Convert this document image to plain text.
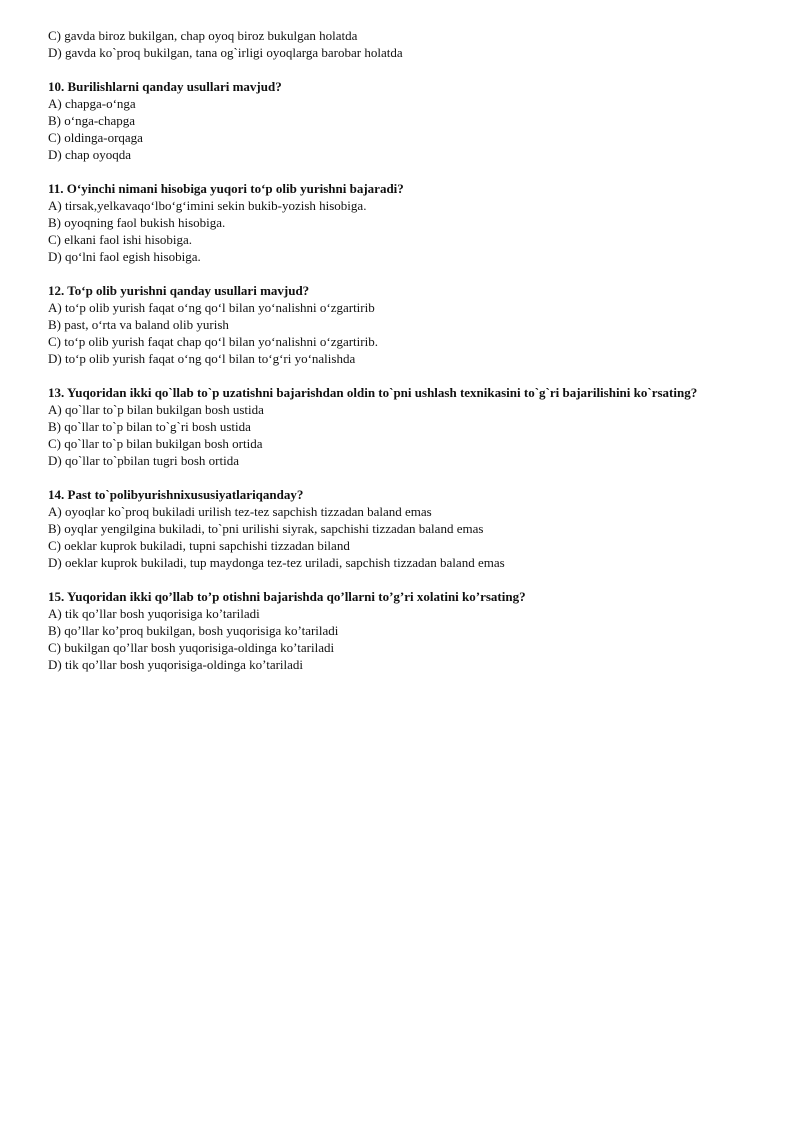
C) gavda biroz bukilgan, chap oyoq biroz bukulgan holatda
D) gavda ko`proq bukilgan, tana og`irligi oyoqlarga barobar holatda
10. Burilishlarni qanday usullari mavjud?
A) chapga-o‘nga
B) o‘nga-chapga
C) oldinga-orqaga
D) chap oyoqda
11. O‘yinchi nimani hisobiga yuqori to‘p olib yurishni bajaradi?
A) tirsak,yelkavaqo‘lbo‘g‘imini sekin bukib-yozish hisobiga.
B) oyoqning faol bukish hisobiga.
C) elkani faol ishi hisobiga.
D) qo‘lni faol egish hisobiga.
12. To‘p olib yurishni qanday usullari mavjud?
A) to‘p olib yurish faqat o‘ng qo‘l bilan yo‘nalishni o‘zgartirib
B) past, o‘rta va baland olib yurish
C) to‘p olib yurish faqat chap qo‘l bilan yo‘nalishni o‘zgartirib.
D) to‘p olib yurish faqat o‘ng qo‘l bilan to‘g‘ri yo‘nalishda
13. Yuqoridan ikki qo`llab to`p uzatishni bajarishdan oldin to`pni ushlash texnikasini to`g`ri bajarilishini ko`rsating?
A) qo`llar to`p bilan bukilgan bosh ustida
B) qo`llar to`p bilan to`g`ri bosh ustida
C) qo`llar to`p bilan bukilgan bosh ortida
D) qo`llar to`pbilan tugri bosh ortida
14. Past to`polibyurishnixususiyatlariqanday?
A) oyoqlar ko`proq bukiladi urilish tez-tez sapchish tizzadan baland emas
B) oyqlar yengilgina bukiladi, to`pni urilishi siyrak, sapchishi tizzadan baland emas
C) oeklar kuprok bukiladi, tupni sapchishi tizzadan biland
D) oeklar kuprok bukiladi, tup maydonga tez-tez uriladi, sapchish tizzadan baland emas
15. Yuqoridan ikki qo’llab to’p otishni bajarishda qo’llarni to’g’ri xolatini ko’rsating?
A) tik qo’llar bosh yuqorisiga ko’tariladi
B) qo’llar ko’proq bukilgan, bosh yuqorisiga ko’tariladi
C) bukilgan qo’llar bosh yuqorisiga-oldinga ko’tariladi
D) tik qo’llar bosh yuqorisiga-oldinga ko’tariladi
